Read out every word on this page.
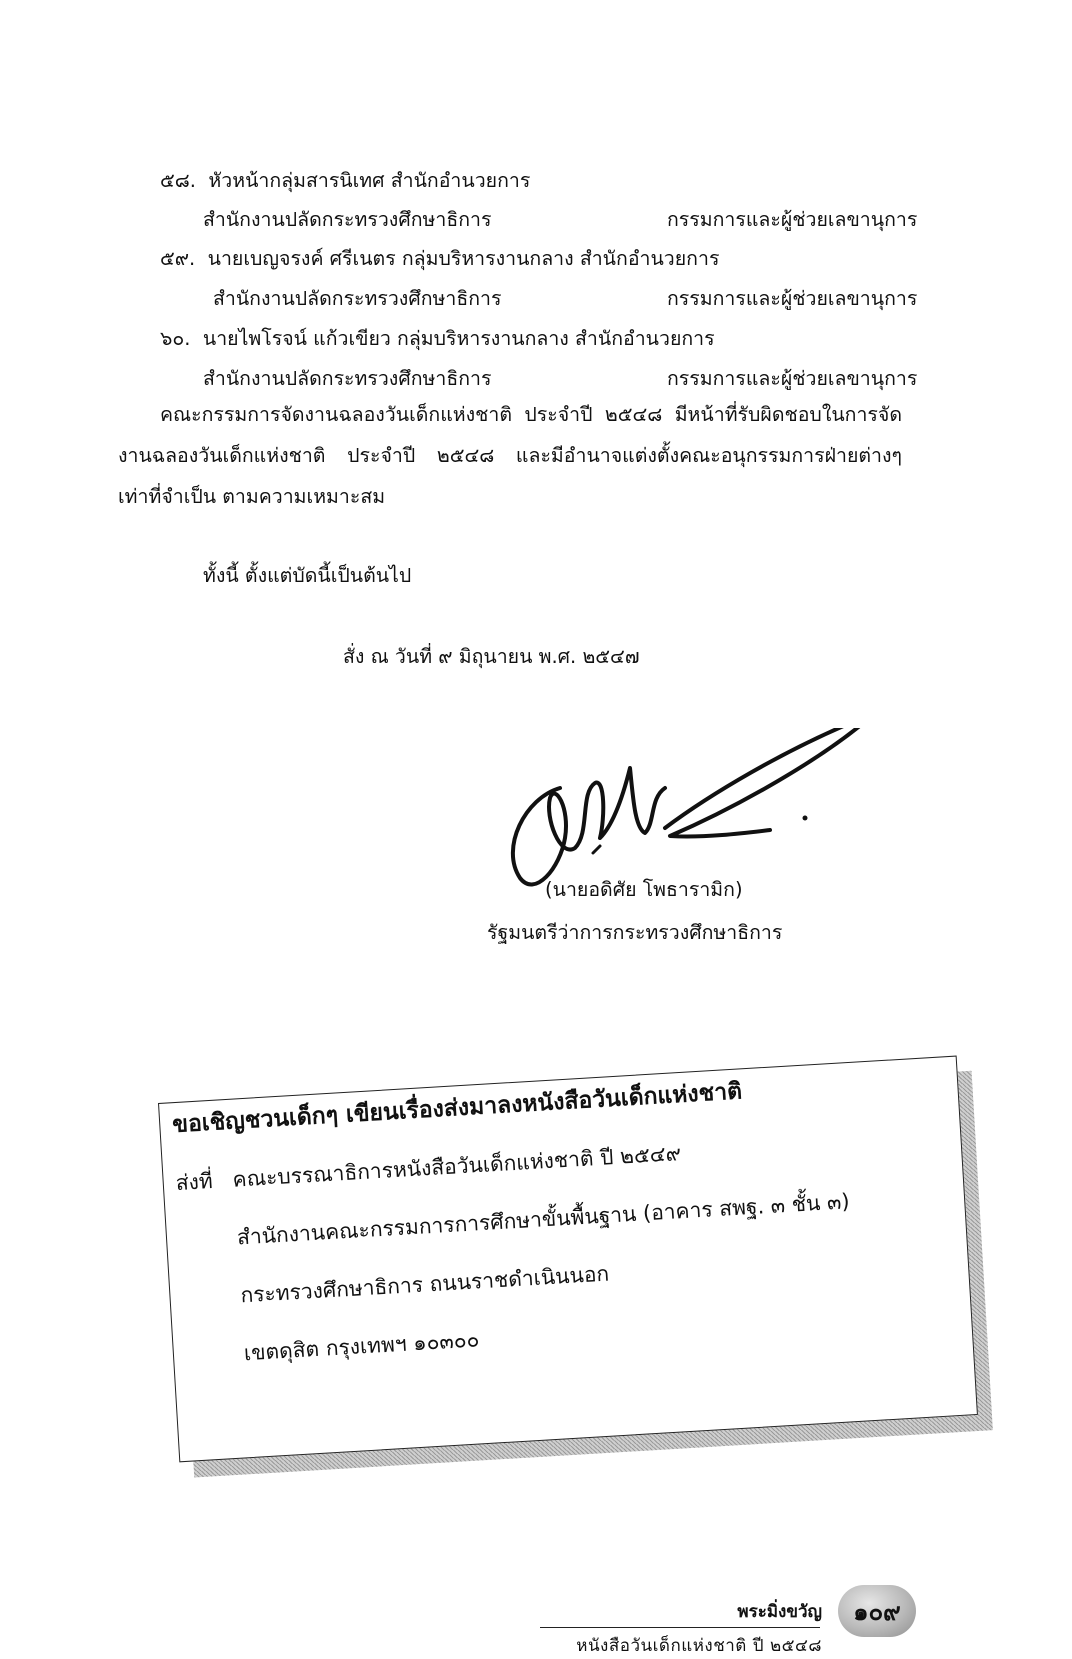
๕๘. หัวหน้ากลุ่มสารนิเทศ สำนักอำนวยการ
สำนักงานปลัดกระทรวงศึกษาธิการ	กรรมการและผู้ช่วยเลขานุการ
๕๙. นายเบญจรงค์ ศรีเนตร กลุ่มบริหารงานกลาง สำนักอำนวยการ
สำนักงานปลัดกระทรวงศึกษาธิการ	กรรมการและผู้ช่วยเลขานุการ
๖๐. นายไพโรจน์ แก้วเขียว กลุ่มบริหารงานกลาง สำนักอำนวยการ
สำนักงานปลัดกระทรวงศึกษาธิการ	กรรมการและผู้ช่วยเลขานุการ
คณะกรรมการจัดงานฉลองวันเด็กแห่งชาติ ประจำปี ๒๕๔๘ มีหน้าที่รับผิดชอบในการจัด
งานฉลองวันเด็กแห่งชาติ ประจำปี ๒๕๔๘ และมีอำนาจแต่งตั้งคณะอนุกรรมการฝ่ายต่างๆ
เท่าที่จำเป็น ตามความเหมาะสม
ทั้งนี้ ตั้งแต่บัดนี้เป็นต้นไป
สั่ง ณ วันที่ ๙ มิถุนายน พ.ศ. ๒๕๔๗
(นายอดิศัย โพธารามิก)
รัฐมนตรีว่าการกระทรวงศึกษาธิการ
ขอเชิญชวนเด็กๆ เขียนเรื่องส่งมาลงหนังสือวันเด็กแห่งชาติ
ส่งที่ คณะบรรณาธิการหนังสือวันเด็กแห่งชาติ ปี ๒๕๔๙
สำนักงานคณะกรรมการการศึกษาขั้นพื้นฐาน (อาคาร สพฐ. ๓ ชั้น ๓)
กระทรวงศึกษาธิการ ถนนราชดำเนินนอก
เขตดุสิต กรุงเทพฯ ๑๐๓๐๐
พระมิ่งขวัญ
หนังสือวันเด็กแห่งชาติ ปี ๒๕๔๘
๑๐๙
